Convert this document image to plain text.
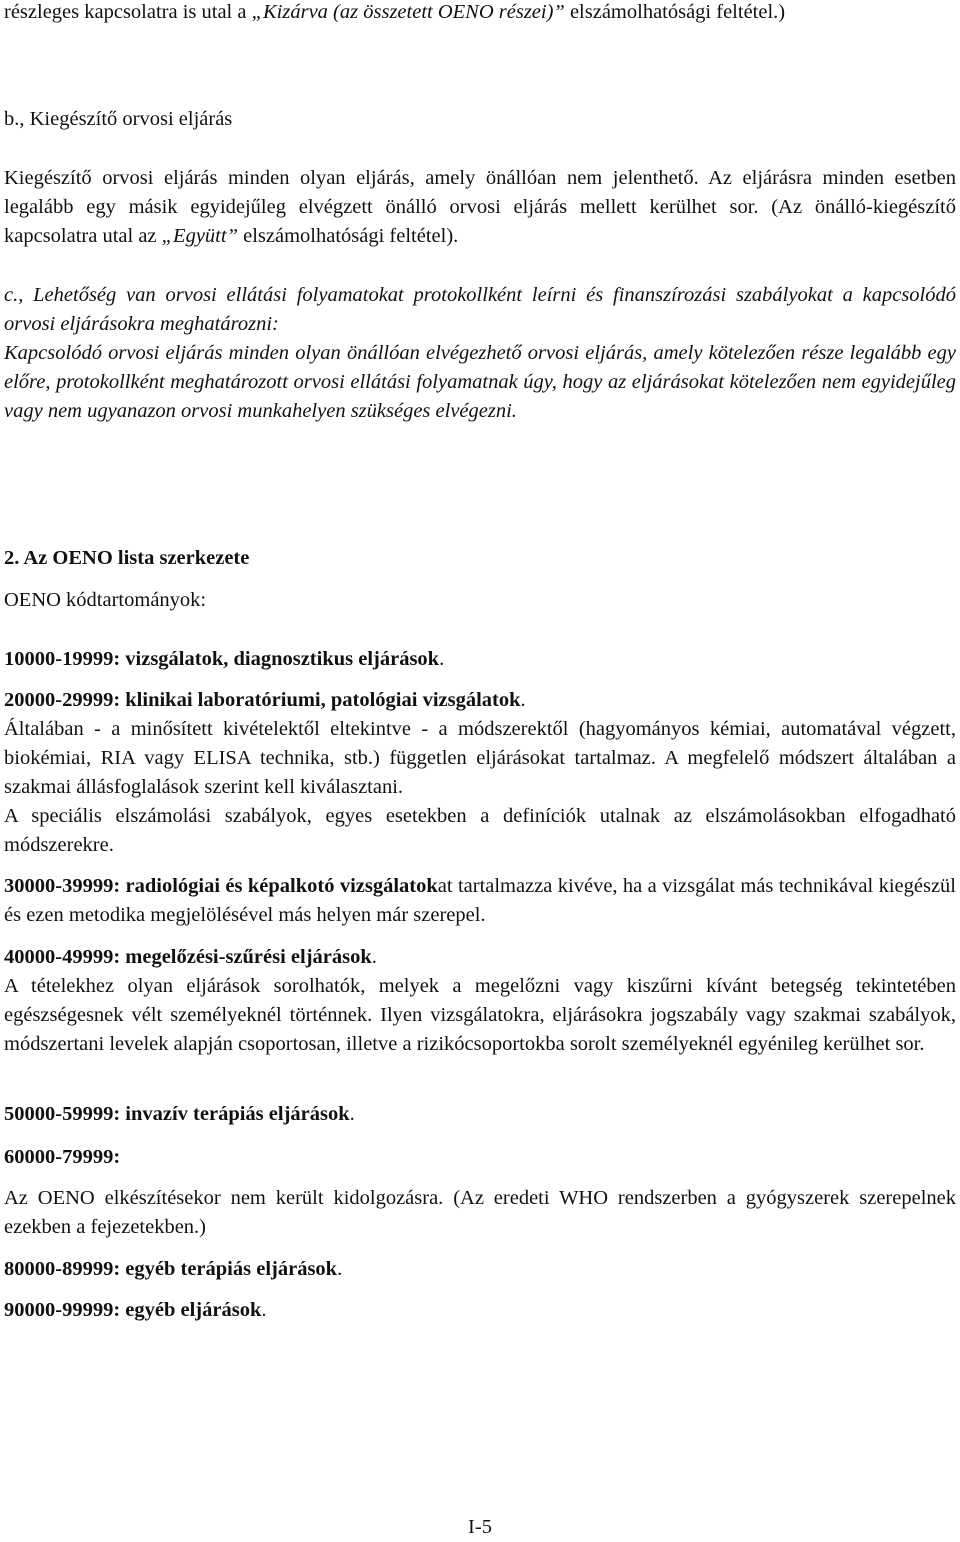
részleges kapcsolatra is utal a „Kizárva (az összetett OENO részei)” elszámolhatósági feltétel.)

b., Kiegészítő orvosi eljárás

Kiegészítő orvosi eljárás minden olyan eljárás, amely önállóan nem jelenthető. Az eljárásra minden esetben legalább egy másik egyidejűleg elvégzett önálló orvosi eljárás mellett kerülhet sor. (Az önálló-kiegészítő kapcsolatra utal az „Együtt” elszámolhatósági feltétel).

c., Lehetőség van orvosi ellátási folyamatokat protokollként leírni és finanszírozási szabályokat a kapcsolódó orvosi eljárásokra meghatározni:

Kapcsolódó orvosi eljárás minden olyan önállóan elvégezhető orvosi eljárás, amely kötelezően része legalább egy előre, protokollként meghatározott orvosi ellátási folyamatnak úgy, hogy az eljárásokat kötelezően nem egyidejűleg vagy nem ugyanazon orvosi munkahelyen szükséges elvégezni.

2. Az OENO lista szerkezete

OENO kódtartományok:

10000-19999: vizsgálatok, diagnosztikus eljárások.

20000-29999: klinikai laboratóriumi, patológiai vizsgálatok.

Általában - a minősített kivételektől eltekintve - a módszerektől (hagyományos kémiai, automatával végzett, biokémiai, RIA vagy ELISA technika, stb.) független eljárásokat tartalmaz. A megfelelő módszert általában a szakmai állásfoglalások szerint kell kiválasztani.

A speciális elszámolási szabályok, egyes esetekben a definíciók utalnak az elszámolásokban elfogadható módszerekre.

30000-39999: radiológiai és képalkotó vizsgálatokat tartalmazza kivéve, ha a vizsgálat más technikával kiegészül és ezen metodika megjelölésével más helyen már szerepel.

40000-49999: megelőzési-szűrési eljárások.

A tételekhez olyan eljárások sorolhatók, melyek a megelőzni vagy kiszűrni kívánt betegség tekintetében egészségesnek vélt személyeknél történnek. Ilyen vizsgálatokra, eljárásokra jogszabály vagy szakmai szabályok, módszertani levelek alapján csoportosan, illetve a rizikócsoportokba sorolt személyeknél egyénileg kerülhet sor.

50000-59999: invazív terápiás eljárások.

60000-79999:

Az OENO elkészítésekor nem került kidolgozásra. (Az eredeti WHO rendszerben a gyógyszerek szerepelnek ezekben a fejezetekben.)

80000-89999: egyéb terápiás eljárások.

90000-99999: egyéb eljárások.

I-5
